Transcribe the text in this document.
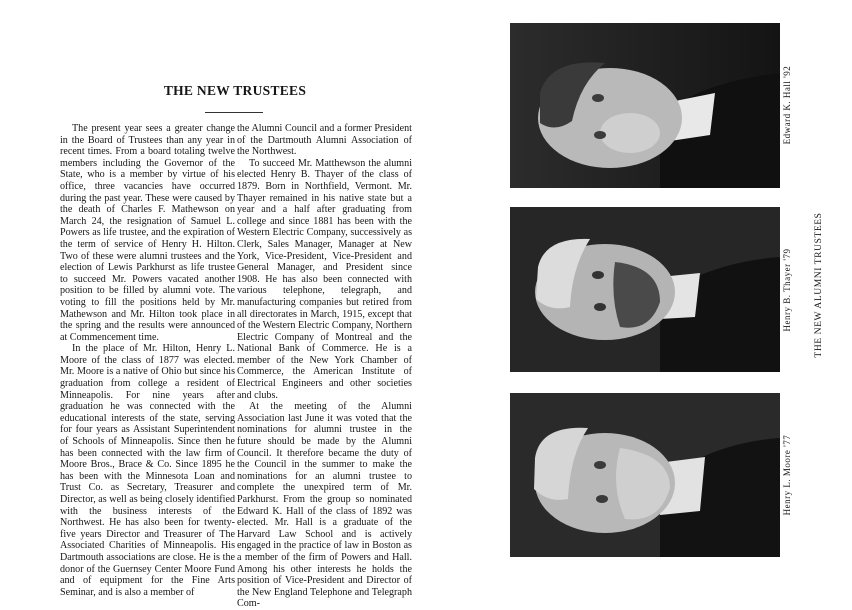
THE NEW TRUSTEES

The present year sees a greater change in the Board of Trustees than any year in recent times. From a board totaling twelve members including the Governor of the State, who is a member by virtue of his office, three vacancies have occurred during the past year. These were caused by the death of Charles F. Mathewson on March 24, the resignation of Samuel L. Powers as life trustee, and the expiration of the term of service of Henry H. Hilton. Two of these were alumni trustees and the election of Lewis Parkhurst as life trustee to succeed Mr. Powers vacated another position to be filled by alumni vote. The voting to fill the positions held by Mr. Mathewson and Mr. Hilton took place in the spring and the results were announced at Commencement time.

In the place of Mr. Hilton, Henry L. Moore of the class of 1877 was elected. Mr. Moore is a native of Ohio but since his graduation from college a resident of Minneapolis. For nine years after graduation he was connected with the educational interests of the state, serving for four years as Assistant Superintendent of Schools of Minneapolis. Since then he has been connected with the law firm of Moore Bros., Brace & Co. Since 1895 he has been with the Minnesota Loan and Trust Co. as Secretary, Treasurer and Director, as well as being closely identified with the business interests of the Northwest. He has also been for twenty-five years Director and Treasurer of The Associated Charities of Minneapolis. His Dartmouth associations are close. He is the donor of the Guernsey Center Moore Fund and of equipment for the Fine Arts Seminar, and is also a member of

the Alumni Council and a former President of the Dartmouth Alumni Association of the Northwest.

To succeed Mr. Matthewson the alumni elected Henry B. Thayer of the class of 1879. Born in Northfield, Vermont. Mr. Thayer remained in his native state but a year and a half after graduating from college and since 1881 has been with the Western Electric Company, successively as Clerk, Sales Manager, Manager at New York, Vice-President, Vice-President and General Manager, and President since 1908. He has also been connected with various telephone, telegraph, and manufacturing companies but retired from all directorates in March, 1915, except that of the Western Electric Company, Northern Electric Company of Montreal and the National Bank of Commerce. He is a member of the New York Chamber of Commerce, the American Institute of Electrical Engineers and other societies and clubs.

At the meeting of the Alumni Association last June it was voted that the nominations for alumni trustee in the future should be made by the Alumni Council. It therefore became the duty of the Council in the summer to make the nominations for an alumni trustee to complete the unexpired term of Mr. Parkhurst. From the group so nominated Edward K. Hall of the class of 1892 was elected. Mr. Hall is a graduate of the Harvard Law School and is actively engaged in the practice of law in Boston as a member of the firm of Powers and Hall. Among his other interests he holds the position of Vice-President and Director of the New England Telephone and Telegraph Com-

Edward K. Hall '92
Henry B. Thayer '79
Henry L. Moore '77
THE NEW ALUMNI TRUSTEES
